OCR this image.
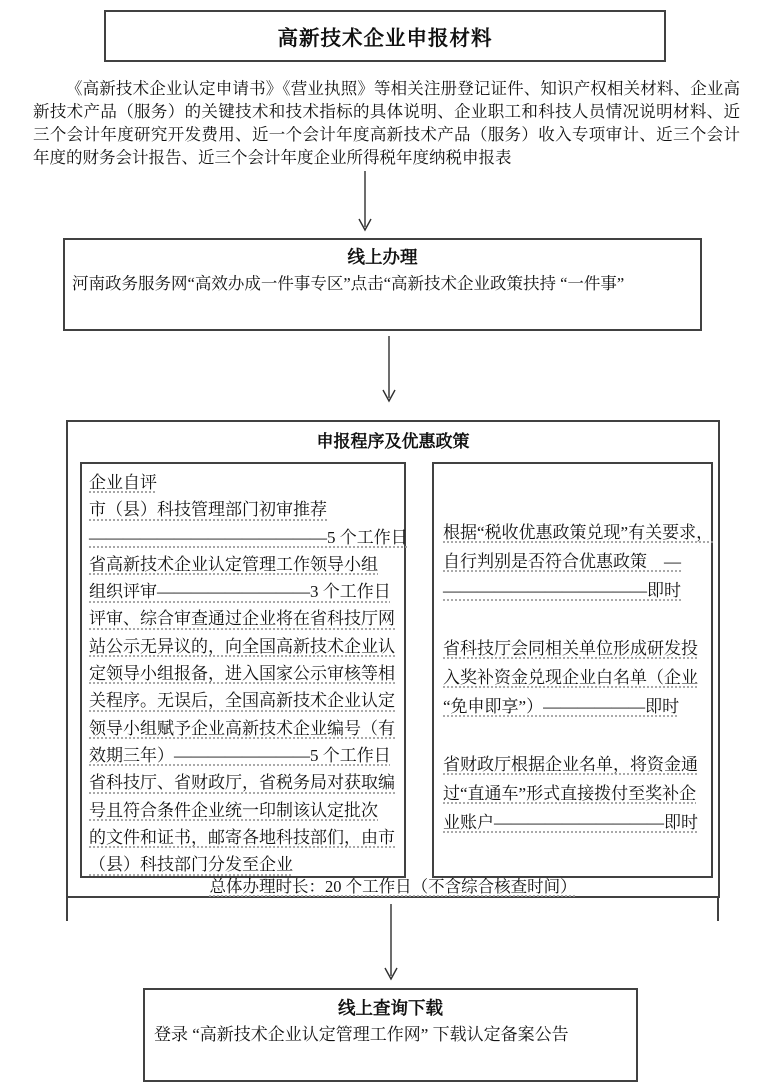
高新技术企业申报材料
《高新技术企业认定申请书》《营业执照》等相关注册登记证件、知识产权相关材料、企业高新技术产品（服务）的关键技术和技术指标的具体说明、企业职工和科技人员情况说明材料、近三个会计年度研究开发费用、近一个会计年度高新技术产品（服务）收入专项审计、近三个会计年度的财务会计报告、近三个会计年度企业所得税年度纳税申报表
线上办理
河南政务服务网“高效办成一件事专区”点击“高新技术企业政策扶持 “一件事”
申报程序及优惠政策
企业自评
市（县）科技管理部门初审推荐
——————————————5 个工作日
省高新技术企业认定管理工作领导小组
组织评审—————————3 个工作日
评审、综合审查通过企业将在省科技厅网
站公示无异议的，向全国高新技术企业认
定领导小组报备，进入国家公示审核等相
关程序。无误后，全国高新技术企业认定
领导小组赋予企业高新技术企业编号（有
效期三年）————————5 个工作日
省科技厅、省财政厅，省税务局对获取编
号且符合条件企业统一印制该认定批次
的文件和证书，邮寄各地科技部们，由市
（县）科技部门分发至企业
根据“税收优惠政策兑现”有关要求，
自行判别是否符合优惠政策　—
————————————即时
省科技厅会同相关单位形成研发投
入奖补资金兑现企业白名单（企业
“免申即享”）——————即时
省财政厅根据企业名单，将资金通
过“直通车”形式直接拨付至奖补企
业账户——————————即时
总体办理时长：20 个工作日（不含综合核查时间）
线上查询下载
登录 “高新技术企业认定管理工作网” 下载认定备案公告
